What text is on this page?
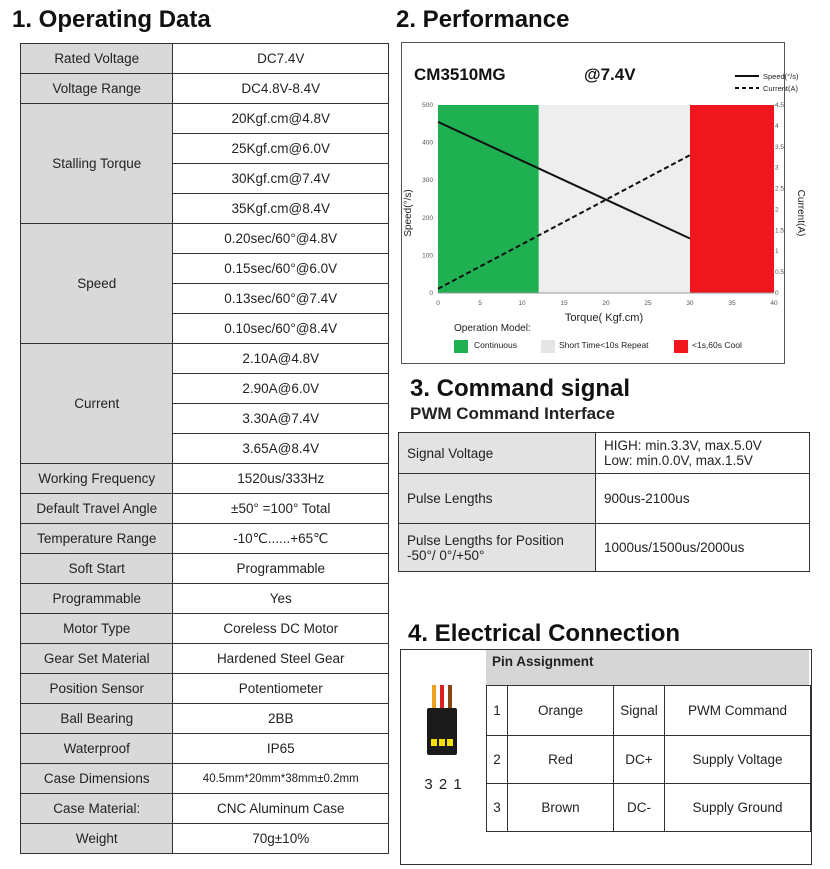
1. Operating Data	2. Performance
3. Command signal
PWM Command Interface
4. Electrical Connection
Rated Voltage	DC7.4V
Voltage Range	DC4.8V-8.4V
Stalling Torque	20Kgf.cm@4.8V
	25Kgf.cm@6.0V
	30Kgf.cm@7.4V
	35Kgf.cm@8.4V
Speed	0.20sec/60°@4.8V
	0.15sec/60°@6.0V
	0.13sec/60°@7.4V
	0.10sec/60°@8.4V
Current	2.10A@4.8V
	2.90A@6.0V
	3.30A@7.4V
	3.65A@8.4V
Working Frequency	1520us/333Hz
Default Travel Angle	±50° =100° Total
Temperature Range	-10℃......+65℃
Soft Start	Programmable
Programmable	Yes
Motor Type	Coreless DC Motor
Gear Set Material	Hardened Steel Gear
Position Sensor	Potentiometer
Ball Bearing	2BB
Waterproof	IP65
Case Dimensions	40.5mm*20mm*38mm±0.2mm
Case Material:	CNC Aluminum Case
Weight	70g±10%
CM3510MG	@7.4V
0	5	10	15	20	25	30	35	40
0
100
200
300
400
500
0
0.5
1
1.5
2
2.5
3
3.5
4
4.5
Speed(°/s)
Current(A)
Torque( Kgf.cm)
Speed(°/s)	Current(A)
Operation Model:
Continuous	Short Time<10s Repeat	<1s,60s Cool
Signal Voltage	HIGH: min.3.3V, max.5.0V
Low: min.0.0V, max.1.5V

Pulse Lengths	900us-2100us

Pulse Lengths for Position
-50°/ 0°/+50°	1000us/1500us/2000us
3 2 1
Pin Assignment
1	Orange	Signal	PWM Command
2	Red	DC+	Supply Voltage
3	Brown	DC-	Supply Ground
